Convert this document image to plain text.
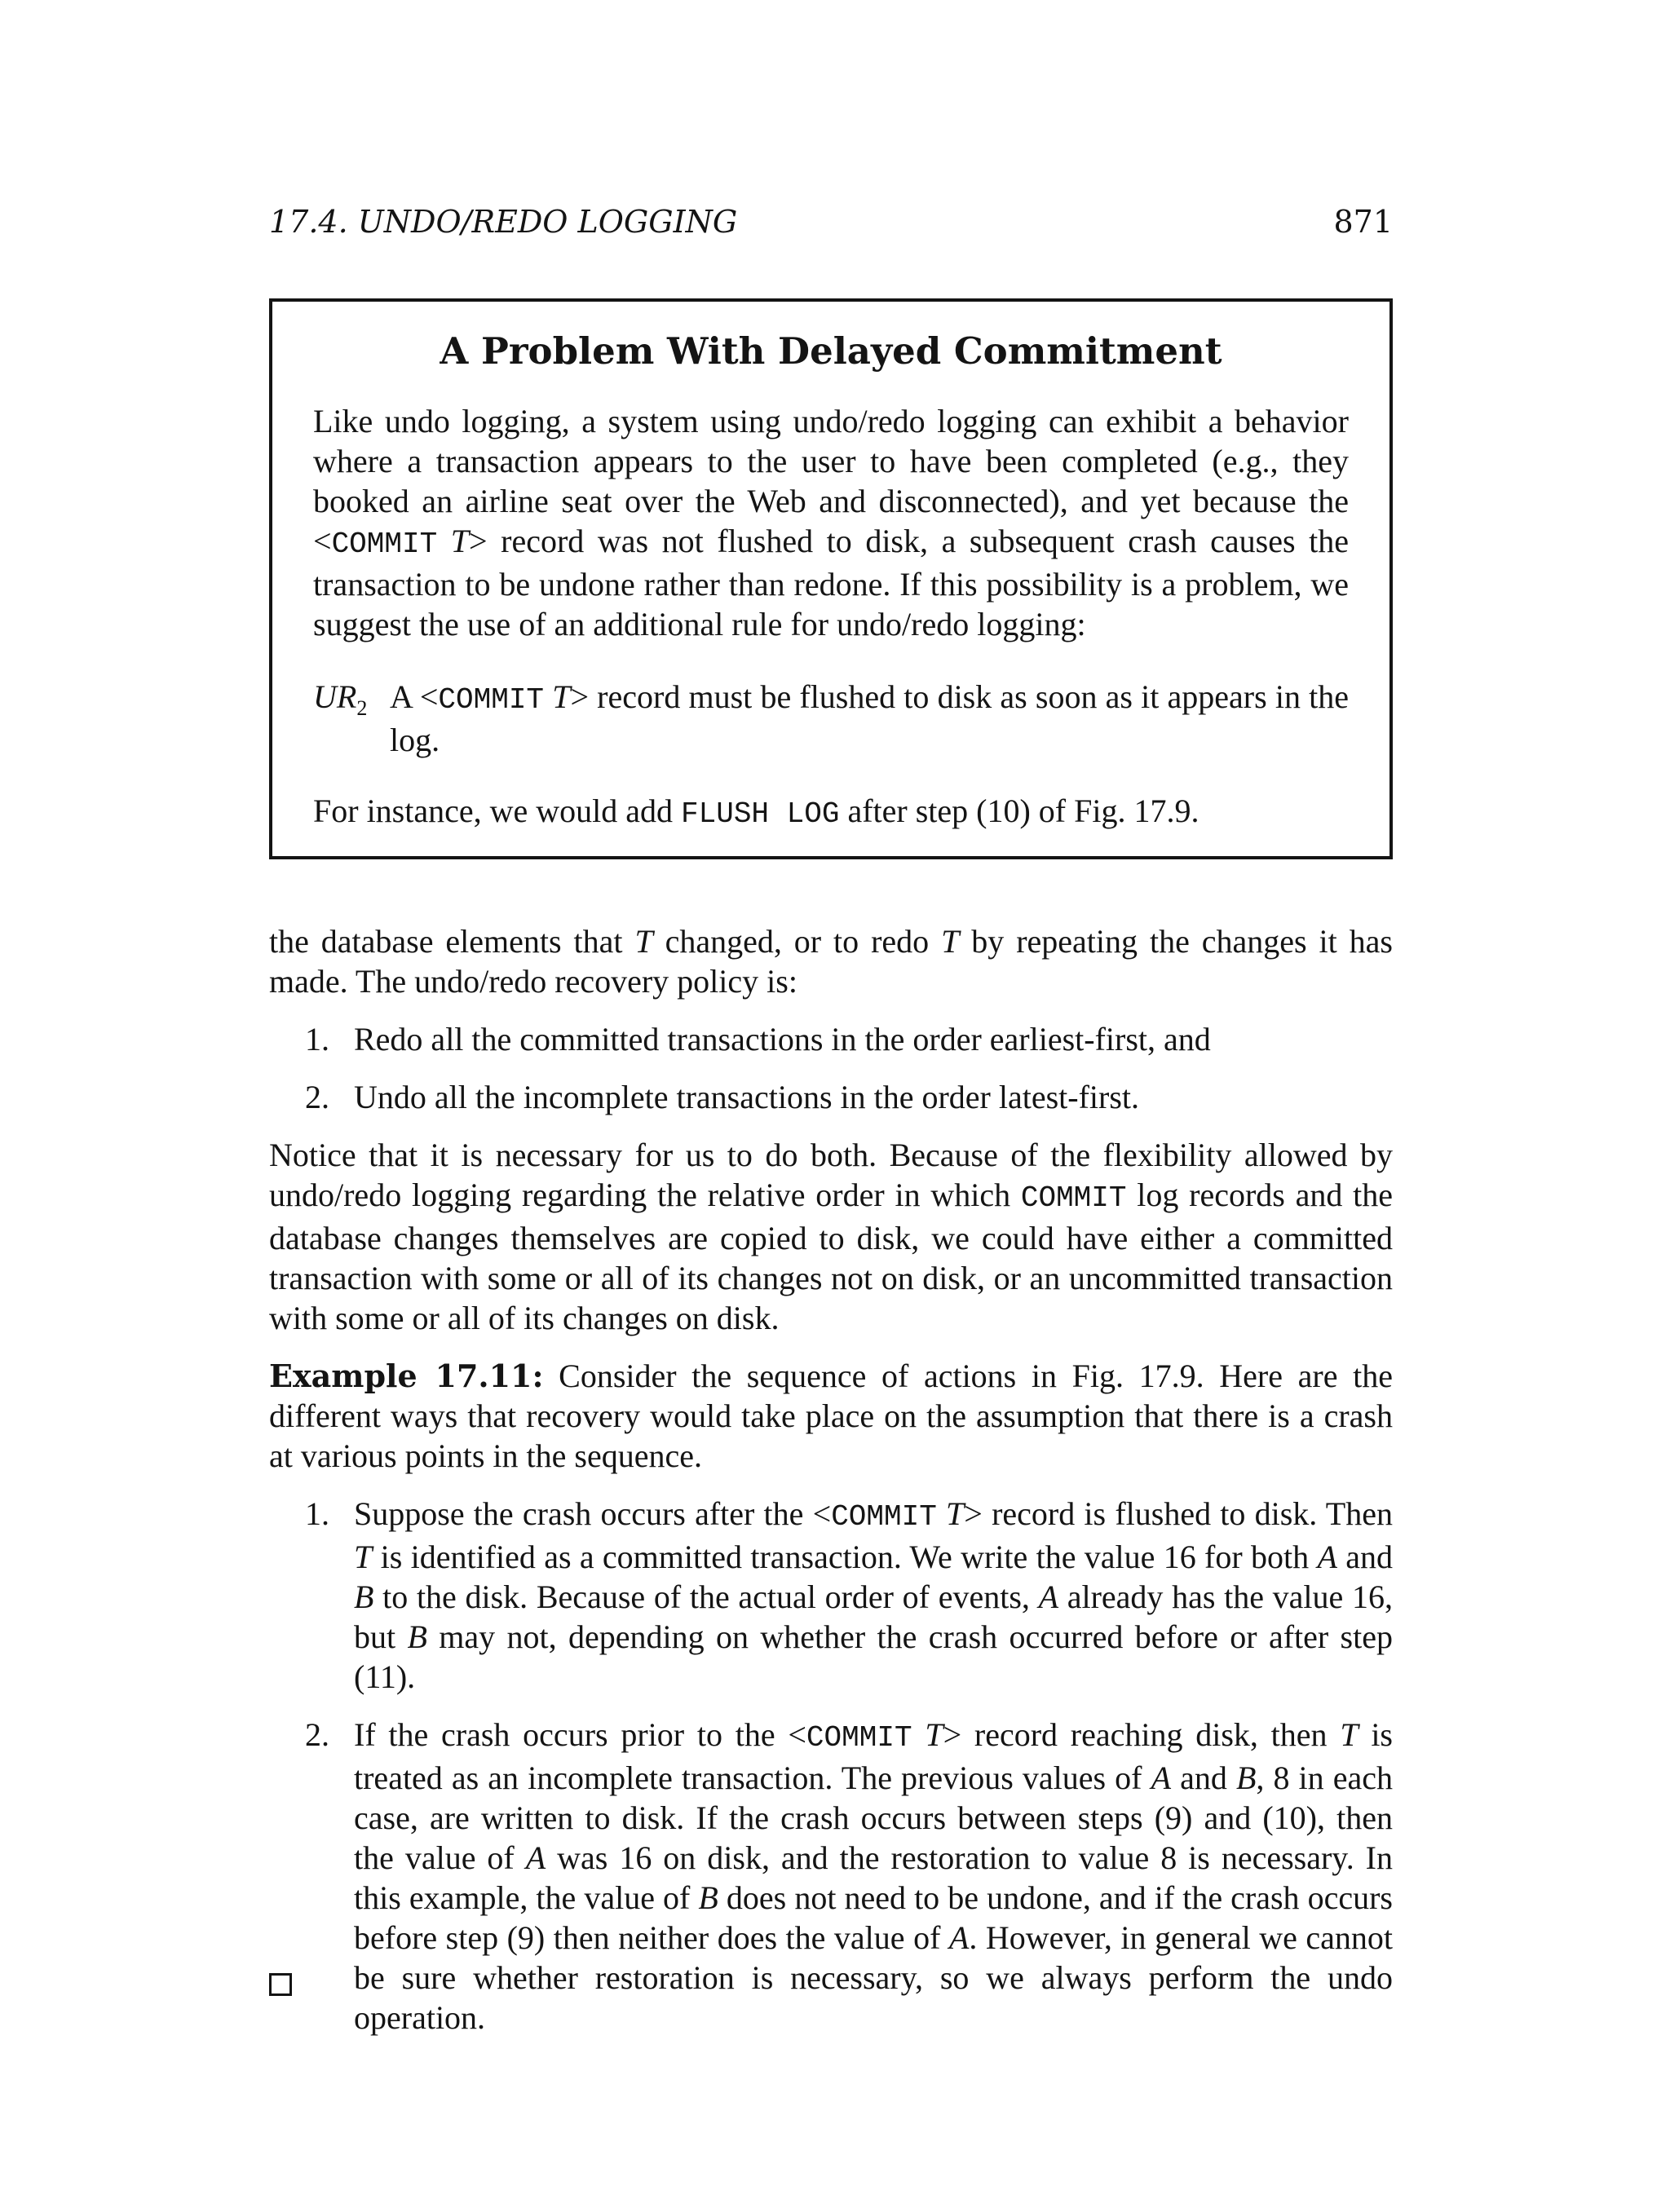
17.4. UNDO/REDO LOGGING	871
A Problem With Delayed Commitment

Like undo logging, a system using undo/redo logging can exhibit a behavior where a transaction appears to the user to have been completed (e.g., they booked an airline seat over the Web and disconnected), and yet because the <COMMIT T> record was not flushed to disk, a subsequent crash causes the transaction to be undone rather than redone. If this possibility is a problem, we suggest the use of an additional rule for undo/redo logging:

$UR_2$ A <COMMIT T> record must be flushed to disk as soon as it appears in the log.

For instance, we would add FLUSH LOG after step (10) of Fig. 17.9.

the database elements that T changed, or to redo T by repeating the changes it has made. The undo/redo recovery policy is:

1. Redo all the committed transactions in the order earliest-first, and
2. Undo all the incomplete transactions in the order latest-first.

Notice that it is necessary for us to do both. Because of the flexibility allowed by undo/redo logging regarding the relative order in which COMMIT log records and the database changes themselves are copied to disk, we could have either a committed transaction with some or all of its changes not on disk, or an uncommitted transaction with some or all of its changes on disk.

Example 17.11: Consider the sequence of actions in Fig. 17.9. Here are the different ways that recovery would take place on the assumption that there is a crash at various points in the sequence.

1. Suppose the crash occurs after the <COMMIT T> record is flushed to disk. Then T is identified as a committed transaction. We write the value 16 for both A and B to the disk. Because of the actual order of events, A already has the value 16, but B may not, depending on whether the crash occurred before or after step (11).
2. If the crash occurs prior to the <COMMIT T> record reaching disk, then T is treated as an incomplete transaction. The previous values of A and B, 8 in each case, are written to disk. If the crash occurs between steps (9) and (10), then the value of A was 16 on disk, and the restoration to value 8 is necessary. In this example, the value of B does not need to be undone, and if the crash occurs before step (9) then neither does the value of A. However, in general we cannot be sure whether restoration is necessary, so we always perform the undo operation.
